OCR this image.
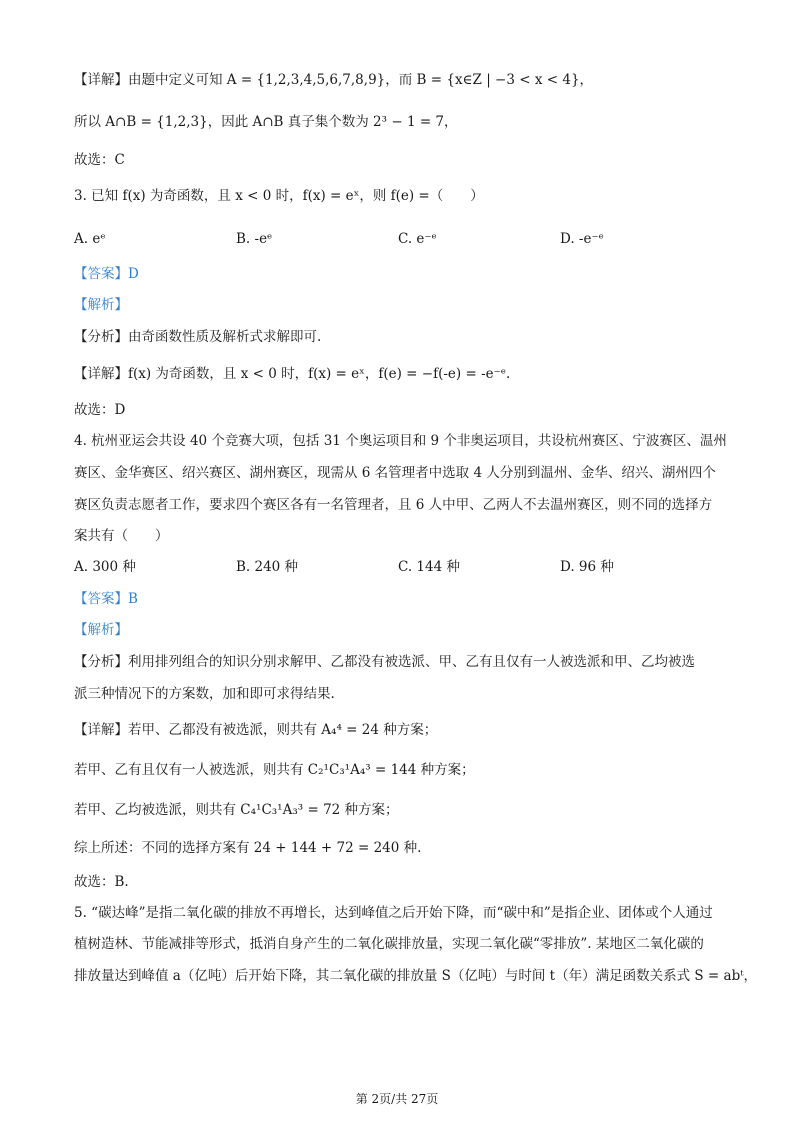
【详解】由题中定义可知 A = {1,2,3,4,5,6,7,8,9}，而 B = {x∈Z | −3 < x < 4}，
所以 A∩B = {1,2,3}，因此 A∩B 真子集个数为 2³ − 1 = 7，
故选：C
3. 已知 f(x) 为奇函数，且 x < 0 时，f(x) = eˣ，则 f(e) =（　　）
A. eᵉ	B. -eᵉ	C. e⁻ᵉ	D. -e⁻ᵉ
【答案】D
【解析】
【分析】由奇函数性质及解析式求解即可.
【详解】f(x) 为奇函数，且 x < 0 时，f(x) = eˣ，f(e) = −f(-e) = -e⁻ᵉ.
故选：D
4. 杭州亚运会共设 40 个竞赛大项，包括 31 个奥运项目和 9 个非奥运项目，共设杭州赛区、宁波赛区、温州
赛区、金华赛区、绍兴赛区、湖州赛区，现需从 6 名管理者中选取 4 人分别到温州、金华、绍兴、湖州四个
赛区负责志愿者工作，要求四个赛区各有一名管理者，且 6 人中甲、乙两人不去温州赛区，则不同的选择方
案共有（　　）
A. 300 种	B. 240 种	C. 144 种	D. 96 种
【答案】B
【解析】
【分析】利用排列组合的知识分别求解甲、乙都没有被选派、甲、乙有且仅有一人被选派和甲、乙均被选
派三种情况下的方案数，加和即可求得结果.
【详解】若甲、乙都没有被选派，则共有 A₄⁴ = 24 种方案；
若甲、乙有且仅有一人被选派，则共有 C₂¹C₃¹A₄³ = 144 种方案；
若甲、乙均被选派，则共有 C₄¹C₃¹A₃³ = 72 种方案；
综上所述：不同的选择方案有 24 + 144 + 72 = 240 种.
故选：B.
5. “碳达峰”是指二氧化碳的排放不再增长，达到峰值之后开始下降，而“碳中和”是指企业、团体或个人通过
植树造林、节能减排等形式，抵消自身产生的二氧化碳排放量，实现二氧化碳“零排放”. 某地区二氧化碳的
排放量达到峰值 a（亿吨）后开始下降，其二氧化碳的排放量 S（亿吨）与时间 t（年）满足函数关系式 S = abᵗ，
第 2页/共 27页
